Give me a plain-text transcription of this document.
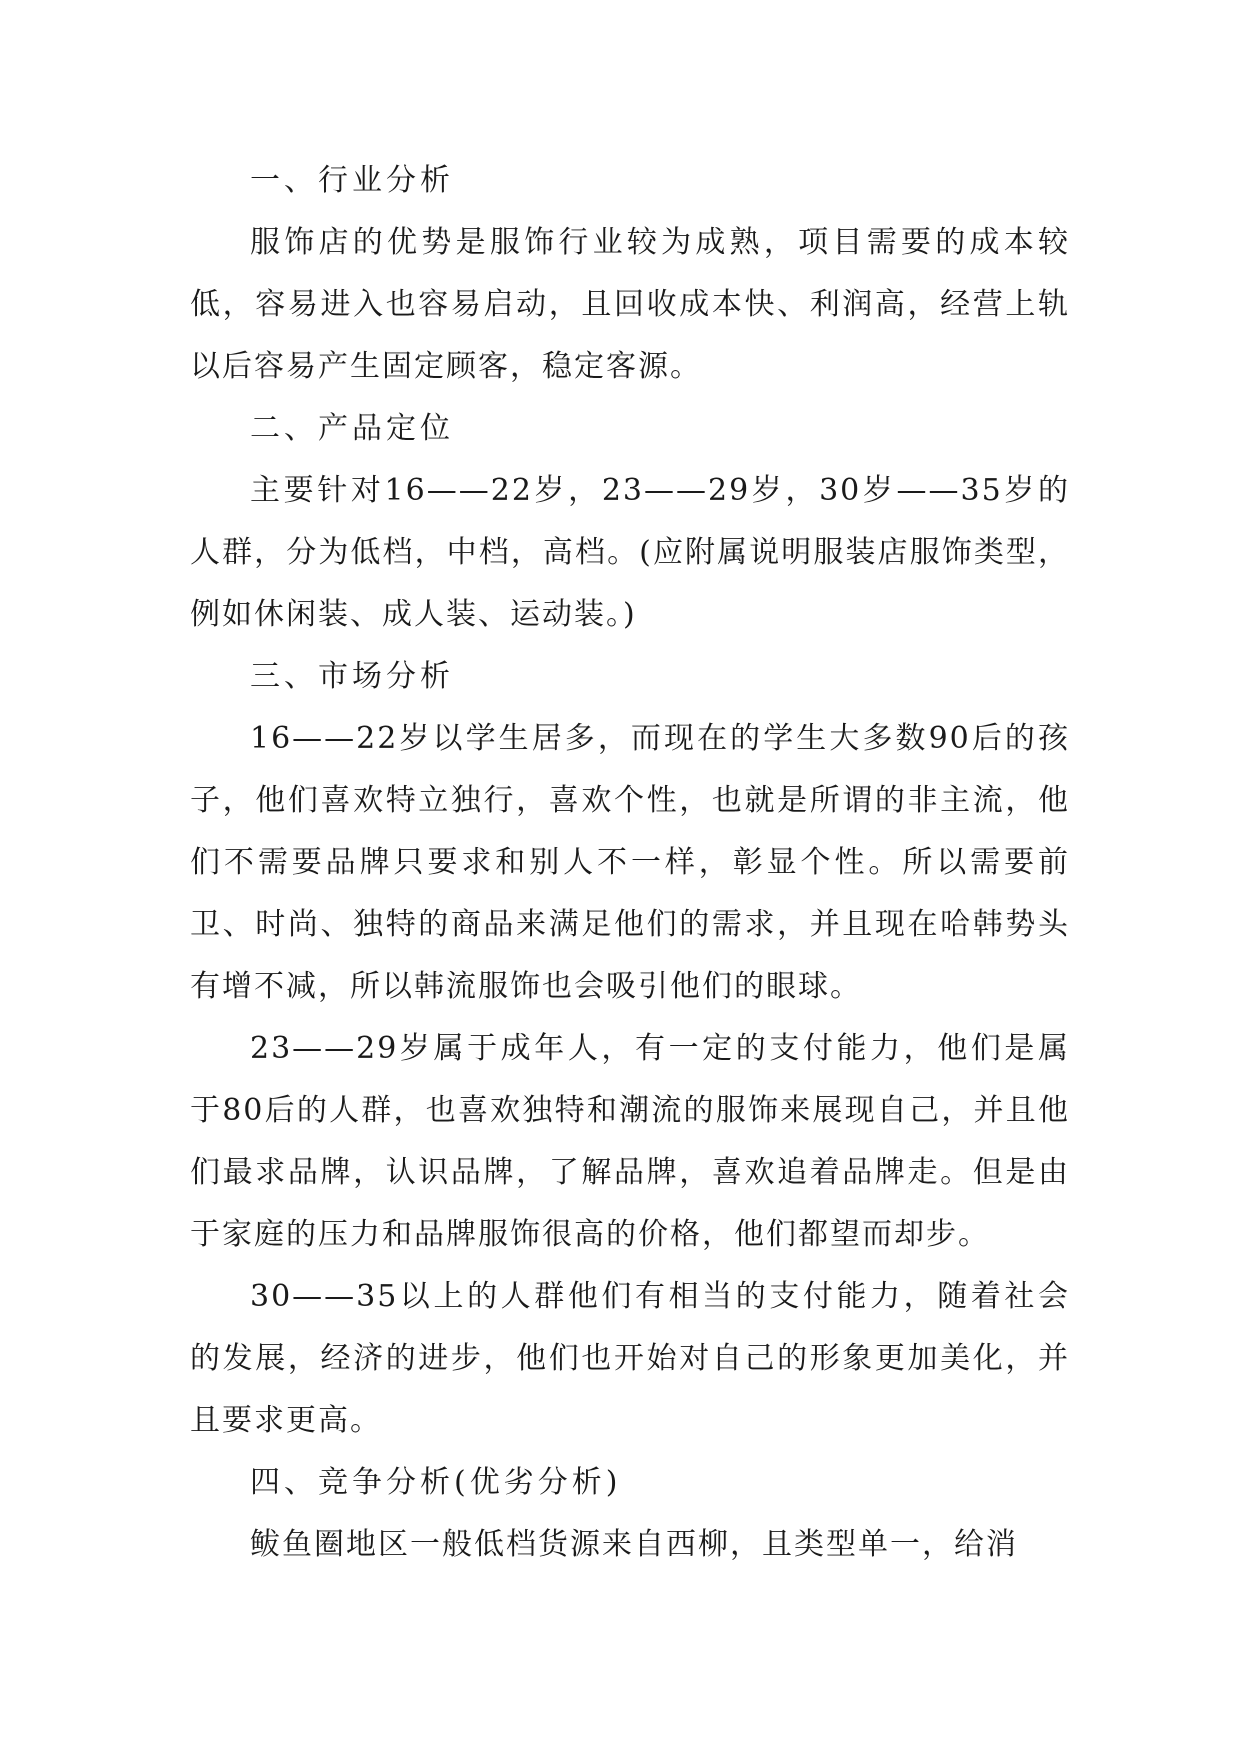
一、行业分析

服饰店的优势是服饰行业较为成熟，项目需要的成本较低，容易进入也容易启动，且回收成本快、利润高，经营上轨以后容易产生固定顾客，稳定客源。

二、产品定位

主要针对16——22岁，23——29岁，30岁——35岁的人群，分为低档，中档，高档。(应附属说明服装店服饰类型，例如休闲装、成人装、运动装。)

三、市场分析

16——22岁以学生居多，而现在的学生大多数90后的孩子，他们喜欢特立独行，喜欢个性，也就是所谓的非主流，他们不需要品牌只要求和别人不一样，彰显个性。所以需要前卫、时尚、独特的商品来满足他们的需求，并且现在哈韩势头有增不减，所以韩流服饰也会吸引他们的眼球。

23——29岁属于成年人，有一定的支付能力，他们是属于80后的人群，也喜欢独特和潮流的服饰来展现自己，并且他们最求品牌，认识品牌，了解品牌，喜欢追着品牌走。但是由于家庭的压力和品牌服饰很高的价格，他们都望而却步。

30——35以上的人群他们有相当的支付能力，随着社会的发展，经济的进步，他们也开始对自己的形象更加美化，并且要求更高。

四、竞争分析(优劣分析)

鲅鱼圈地区一般低档货源来自西柳，且类型单一，给消
